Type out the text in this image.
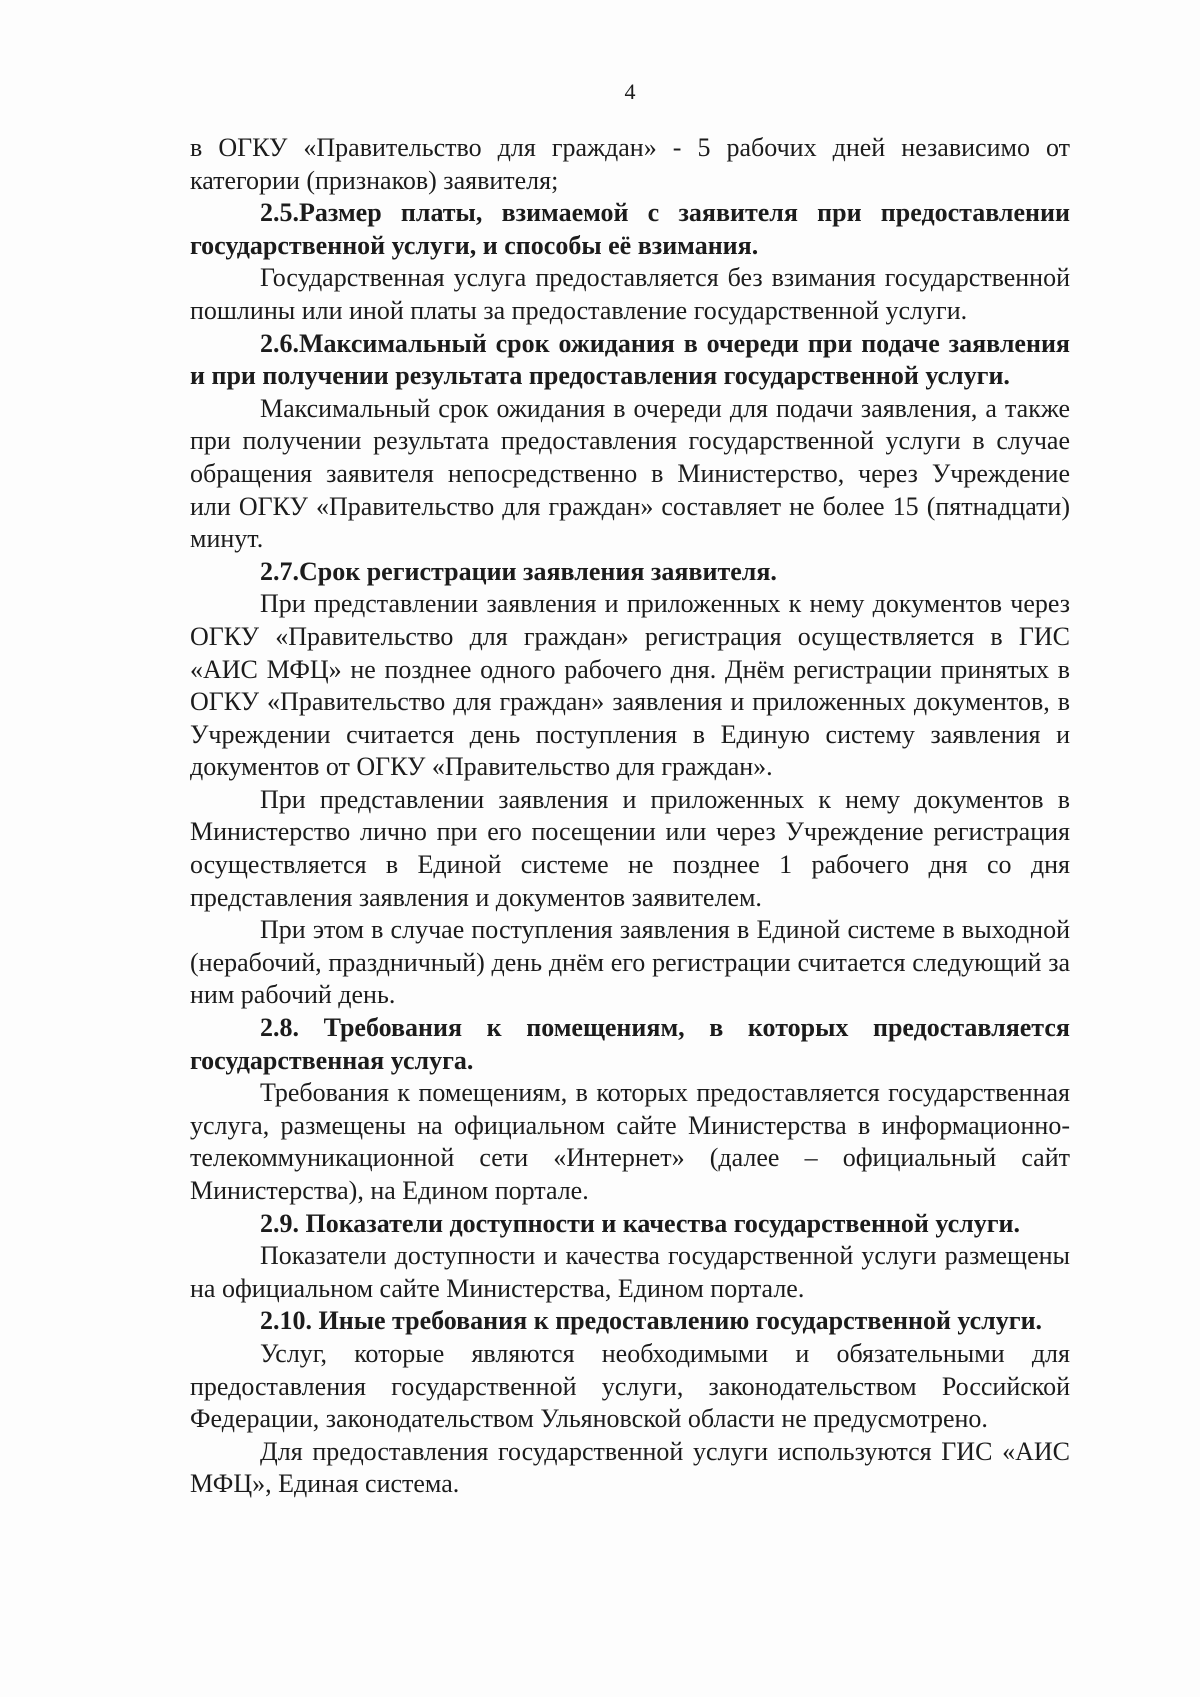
4

в ОГКУ «Правительство для граждан» - 5 рабочих дней независимо от категории (признаков) заявителя;

2.5.Размер платы, взимаемой с заявителя при предоставлении государственной услуги, и способы её взимания.

Государственная услуга предоставляется без взимания государственной пошлины или иной платы за предоставление государственной услуги.

2.6.Максимальный срок ожидания в очереди при подаче заявления и при получении результата предоставления государственной услуги.

Максимальный срок ожидания в очереди для подачи заявления, а также при получении результата предоставления государственной услуги в случае обращения заявителя непосредственно в Министерство, через Учреждение или ОГКУ «Правительство для граждан» составляет не более 15 (пятнадцати) минут.

2.7.Срок регистрации заявления заявителя.

При представлении заявления и приложенных к нему документов через ОГКУ «Правительство для граждан» регистрация осуществляется в ГИС «АИС МФЦ» не позднее одного рабочего дня. Днём регистрации принятых в ОГКУ «Правительство для граждан» заявления и приложенных документов, в Учреждении считается день поступления в Единую систему заявления и документов от ОГКУ «Правительство для граждан».

При представлении заявления и приложенных к нему документов в Министерство лично при его посещении или через Учреждение регистрация осуществляется в Единой системе не позднее 1 рабочего дня со дня представления заявления и документов заявителем.

При этом в случае поступления заявления в Единой системе в выходной (нерабочий, праздничный) день днём его регистрации считается следующий за ним рабочий день.

2.8. Требования к помещениям, в которых предоставляется государственная услуга.

Требования к помещениям, в которых предоставляется государственная услуга, размещены на официальном сайте Министерства в информационно-телекоммуникационной сети «Интернет» (далее – официальный сайт Министерства), на Едином портале.

2.9. Показатели доступности и качества государственной услуги.

Показатели доступности и качества государственной услуги размещены на официальном сайте Министерства, Едином портале.

2.10. Иные требования к предоставлению государственной услуги.

Услуг, которые являются необходимыми и обязательными для предоставления государственной услуги, законодательством Российской Федерации, законодательством Ульяновской области не предусмотрено.

Для предоставления государственной услуги используются ГИС «АИС МФЦ», Единая система.
